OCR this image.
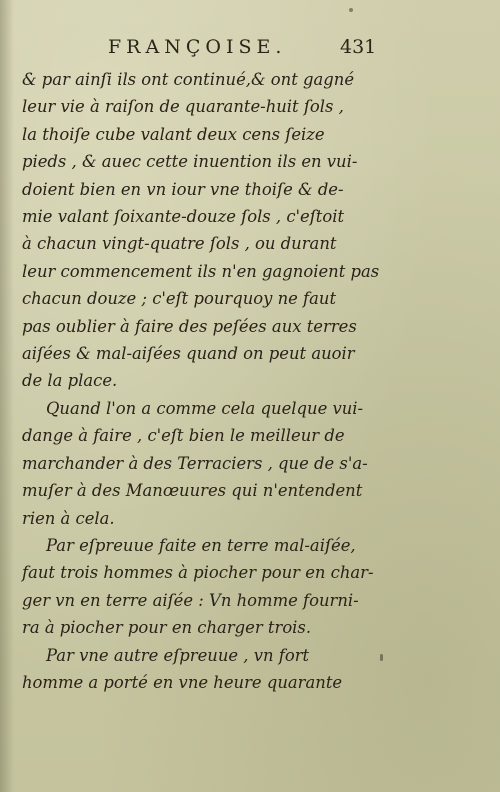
FRANÇOISE.	431

& par ainſi ils ont continué,& ont gagné
leur vie à raiſon de quarante-huit ſols ,
la thoiſe cube valant deux cens ſeize
pieds , & auec cette inuention ils en vui-
doient bien en vn iour vne thoiſe & de-
mie valant ſoixante-douze ſols , c'eſtoit
à chacun vingt-quatre ſols , ou durant
leur commencement ils n'en gagnoient pas
chacun douze ; c'eſt pourquoy ne faut
pas oublier à faire des peſées aux terres
aiſées & mal-aiſées quand on peut auoir
de la place.

Quand l'on a comme cela quelque vui-
dange à faire , c'eſt bien le meilleur de
marchander à des Terraciers , que de s'a-
muſer à des Manœuures qui n'entendent
rien à cela.

Par eſpreuue faite en terre mal-aiſée,
faut trois hommes à piocher pour en char-
ger vn en terre aiſée : Vn homme fourni-
ra à piocher pour en charger trois.

Par vne autre eſpreuue , vn fort
homme a porté en vne heure quarante
